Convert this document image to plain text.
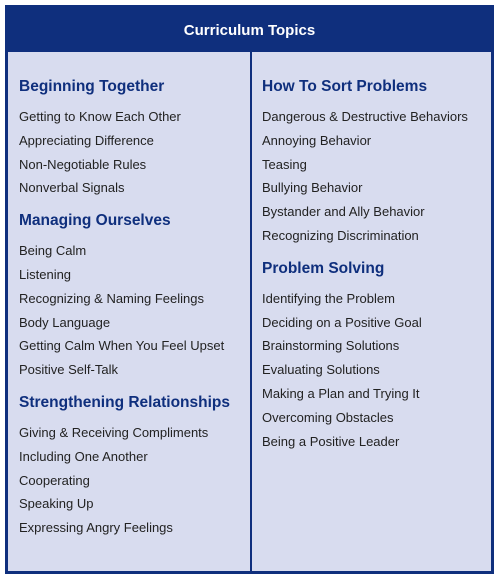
Curriculum Topics
Beginning Together
Getting to Know Each Other
Appreciating Difference
Non-Negotiable Rules
Nonverbal Signals
Managing Ourselves
Being Calm
Listening
Recognizing & Naming Feelings
Body Language
Getting Calm When You Feel Upset
Positive Self-Talk
Strengthening Relationships
Giving & Receiving Compliments
Including One Another
Cooperating
Speaking Up
Expressing Angry Feelings
How To Sort Problems
Dangerous & Destructive Behaviors
Annoying Behavior
Teasing
Bullying Behavior
Bystander and Ally Behavior
Recognizing Discrimination
Problem Solving
Identifying the Problem
Deciding on a Positive Goal
Brainstorming Solutions
Evaluating Solutions
Making a Plan and Trying It
Overcoming Obstacles
Being a Positive Leader
